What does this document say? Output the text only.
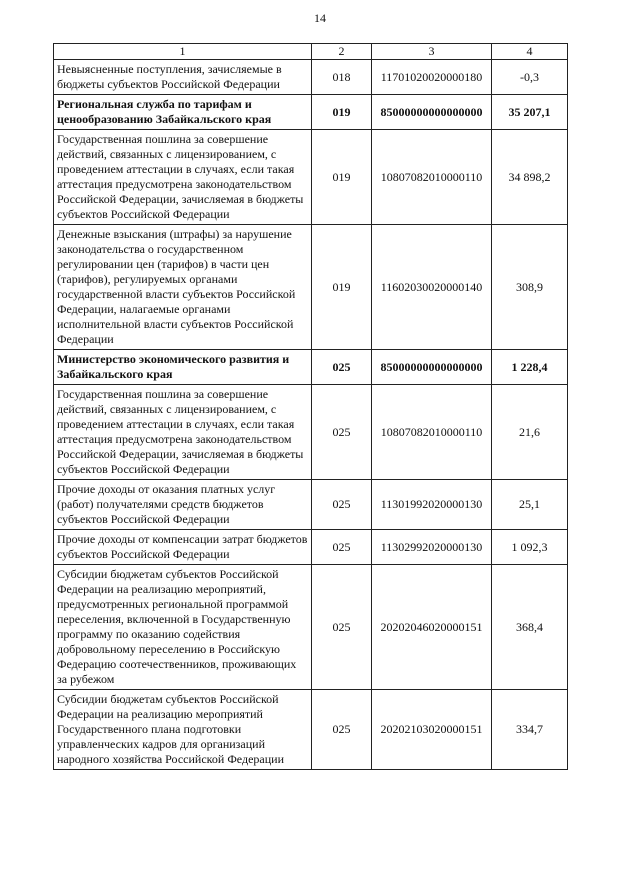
14
1	2	3	4
Невыясненные поступления, зачисляемые в бюджеты субъектов Российской Федерации	018	11701020020000180	-0,3
Региональная служба по тарифам и ценообразованию Забайкальского края	019	85000000000000000	35 207,1
Государственная пошлина за совершение действий, связанных с лицензированием, с проведением аттестации в случаях, если такая аттестация предусмотрена законодательством Российской Федерации, зачисляемая в бюджеты субъектов Российской Федерации	019	10807082010000110	34 898,2
Денежные взыскания (штрафы) за нарушение законодательства о государственном регулировании цен (тарифов) в части цен (тарифов), регулируемых органами государственной власти субъектов Российской Федерации, налагаемые органами исполнительной власти субъектов Российской Федерации	019	11602030020000140	308,9
Министерство экономического развития и Забайкальского края	025	85000000000000000	1 228,4
Государственная пошлина за совершение действий, связанных с лицензированием, с проведением аттестации в случаях, если такая аттестация предусмотрена законодательством Российской Федерации, зачисляемая в бюджеты субъектов Российской Федерации	025	10807082010000110	21,6
Прочие доходы от оказания платных услуг (работ) получателями средств бюджетов субъектов Российской Федерации	025	11301992020000130	25,1
Прочие доходы от компенсации затрат бюджетов субъектов Российской Федерации	025	11302992020000130	1 092,3
Субсидии бюджетам субъектов Российской Федерации на реализацию мероприятий, предусмотренных региональной программой переселения, включенной в Государственную программу по оказанию содействия добровольному переселению в Российскую Федерацию соотечественников, проживающих за рубежом	025	20202046020000151	368,4
Субсидии бюджетам субъектов Российской Федерации на реализацию мероприятий Государственного плана подготовки управленческих кадров для организаций народного хозяйства Российской Федерации	025	20202103020000151	334,7
